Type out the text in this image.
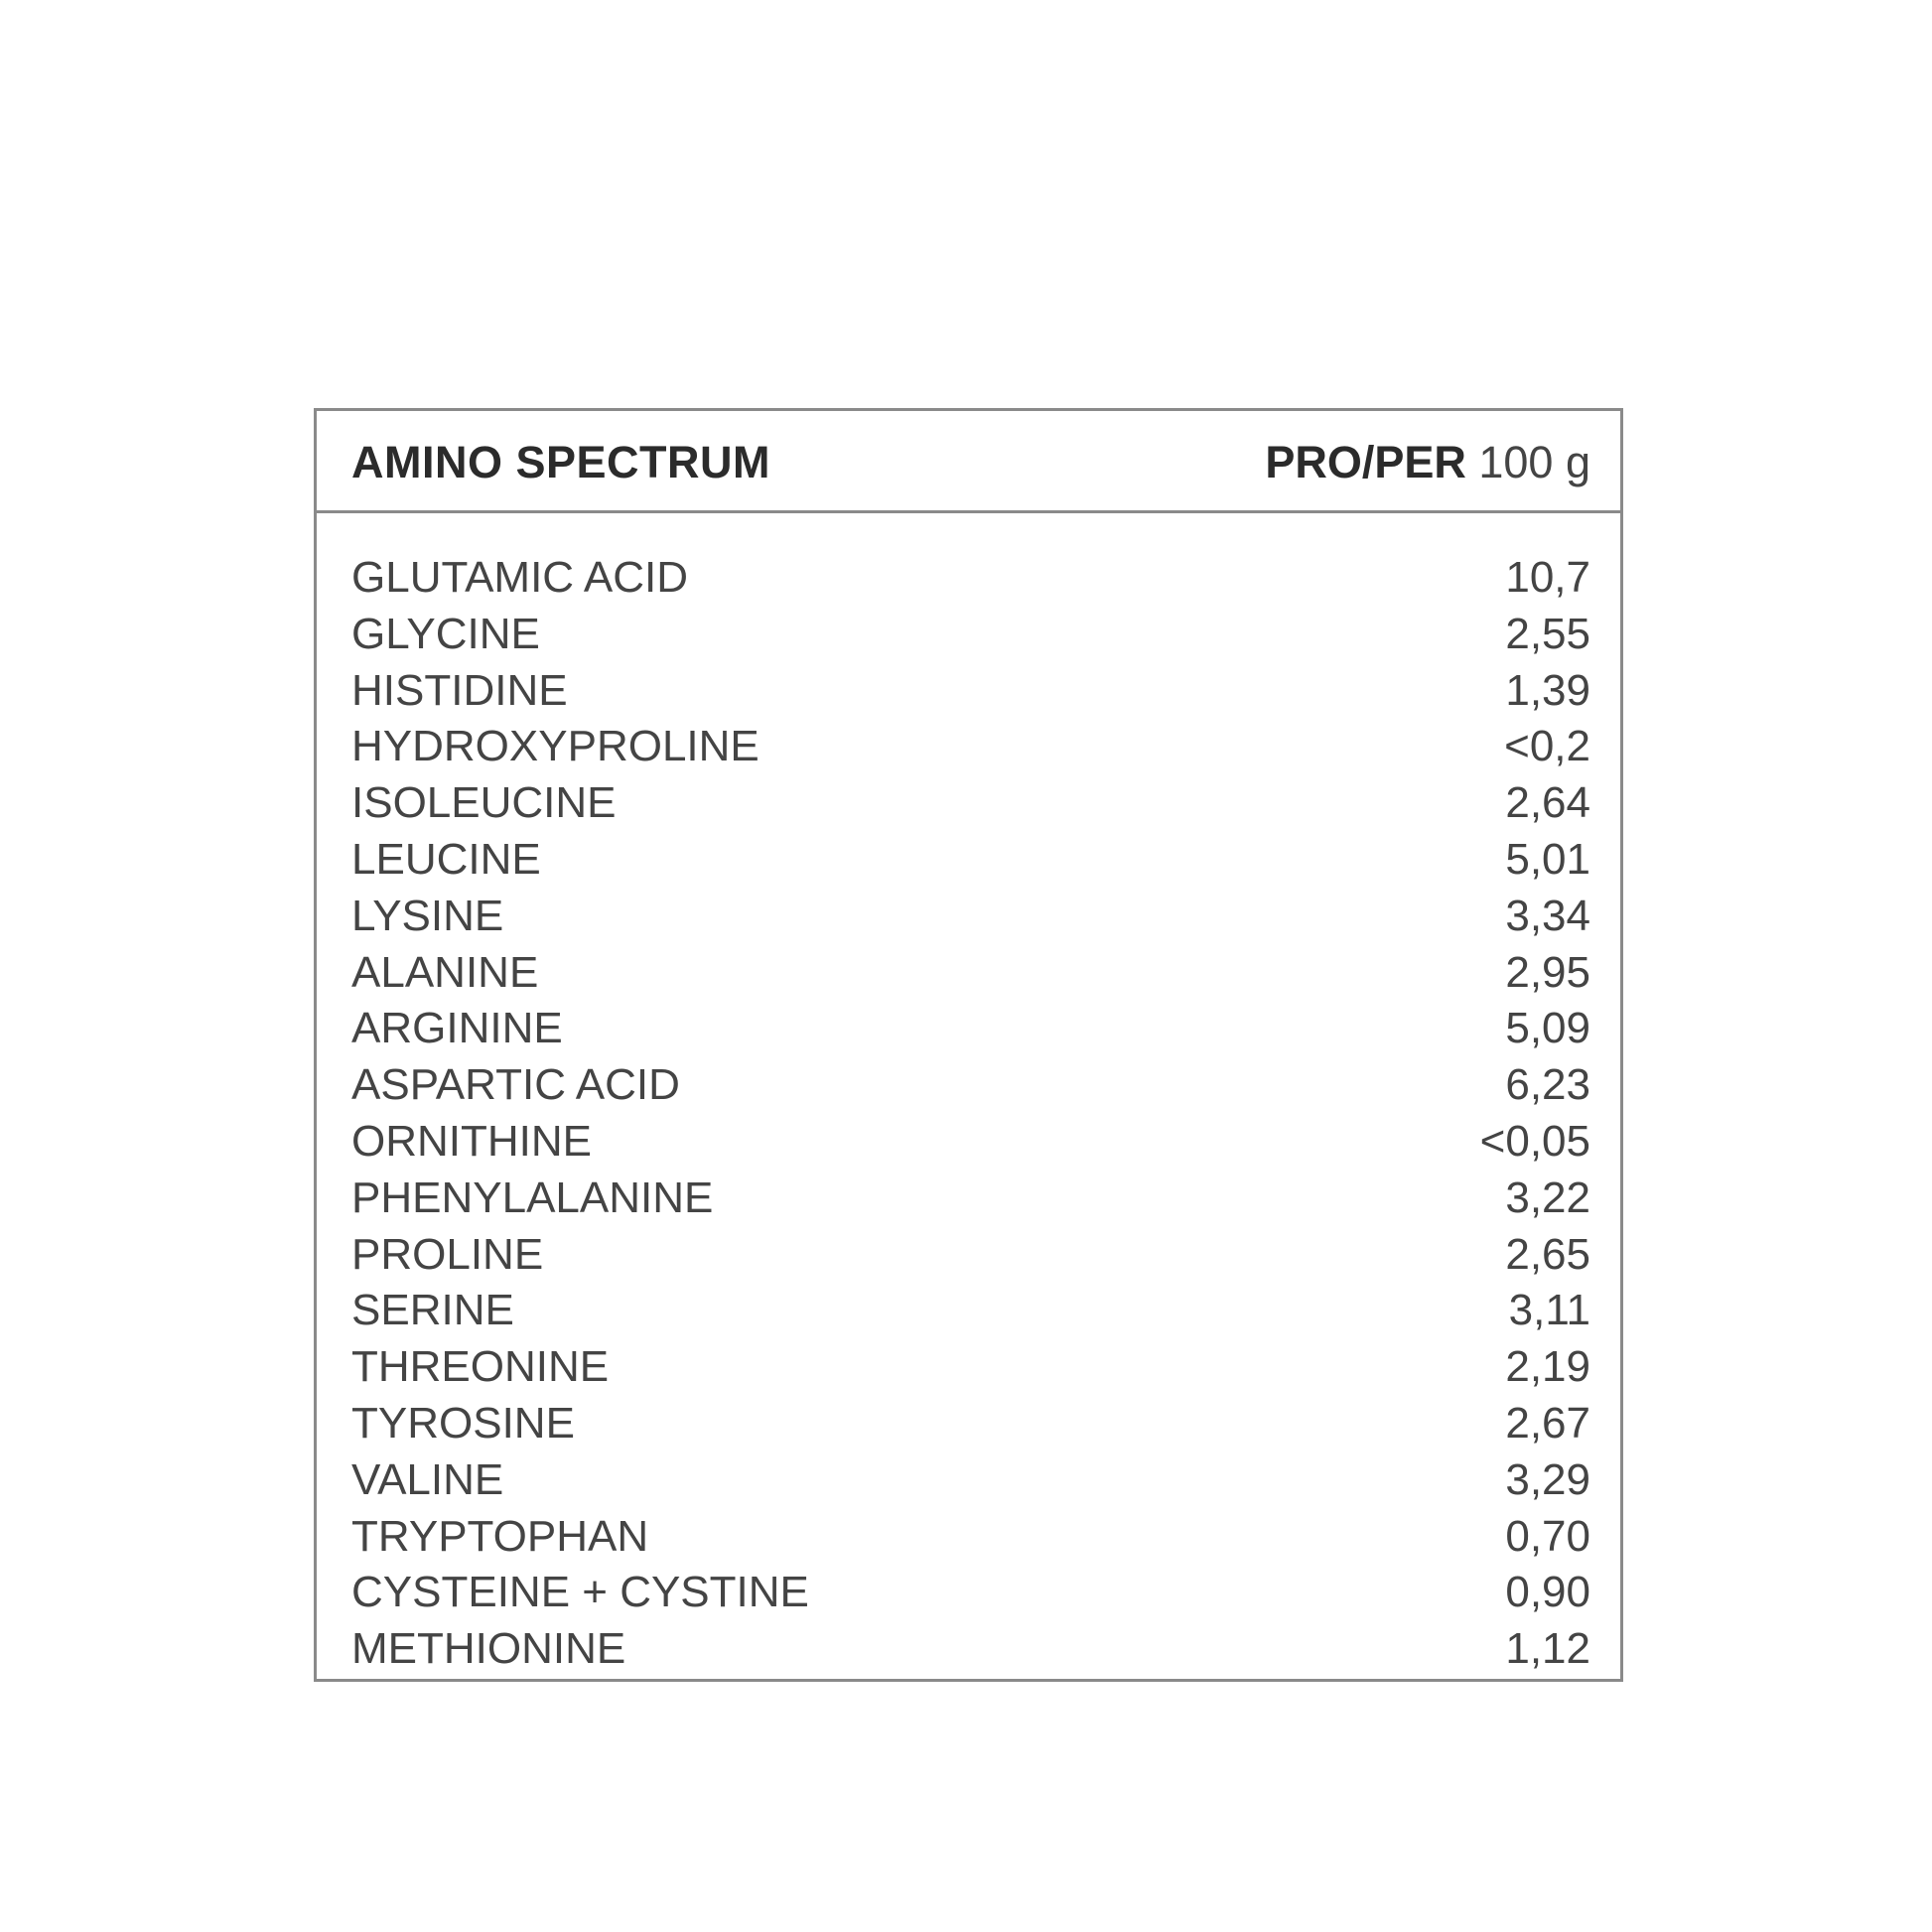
AMINO SPECTRUM	PRO/PER 100 g
GLUTAMIC ACID	10,7
GLYCINE	2,55
HISTIDINE	1,39
HYDROXYPROLINE	<0,2
ISOLEUCINE	2,64
LEUCINE	5,01
LYSINE	3,34
ALANINE	2,95
ARGININE	5,09
ASPARTIC ACID	6,23
ORNITHINE	<0,05
PHENYLALANINE	3,22
PROLINE	2,65
SERINE	3,11
THREONINE	2,19
TYROSINE	2,67
VALINE	3,29
TRYPTOPHAN	0,70
CYSTEINE + CYSTINE	0,90
METHIONINE	1,12
